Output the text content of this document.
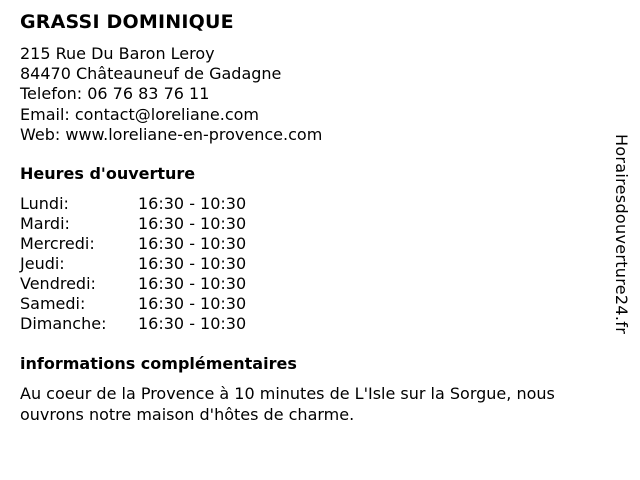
GRASSI DOMINIQUE
215 Rue Du Baron Leroy
84470 Châteauneuf de Gadagne
Telefon: 06 76 83 76 11
Email: contact@loreliane.com
Web: www.loreliane-en-provence.com
Heures d'ouverture
Lundi:	16:30 - 10:30
Mardi:	16:30 - 10:30
Mercredi:	16:30 - 10:30
Jeudi:	16:30 - 10:30
Vendredi:	16:30 - 10:30
Samedi:	16:30 - 10:30
Dimanche:	16:30 - 10:30
informations complémentaires
Au coeur de la Provence à 10 minutes de L'Isle sur la Sorgue, nous ouvrons notre maison d'hôtes de charme.
Horairesdouverture24.fr
